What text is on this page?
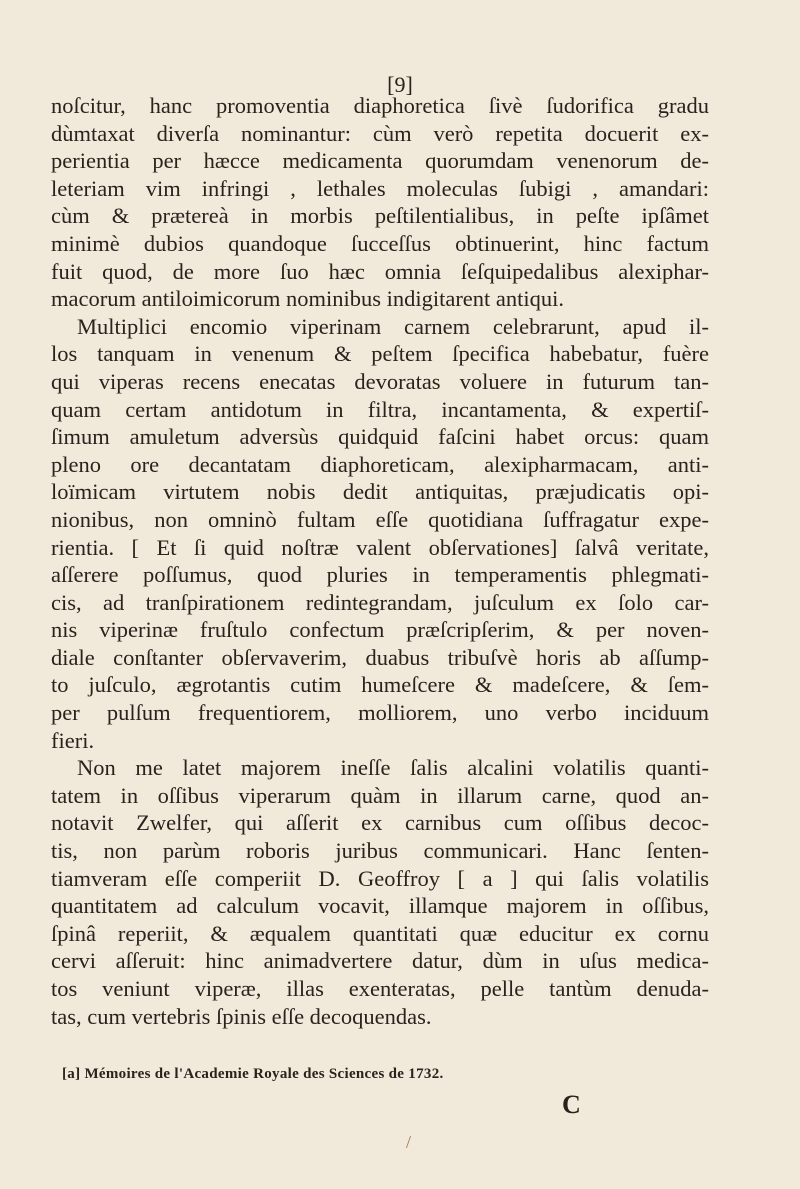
[9]
noſcitur, hanc promoventia diaphoretica ſivè ſudorifica gradu
dùmtaxat diverſa nominantur: cùm verò repetita docuerit ex-
perientia per hæcce medicamenta quorumdam venenorum de-
leteriam vim infringi , lethales moleculas ſubigi , amandari:
cùm & prætereà in morbis peſtilentialibus, in peſte ipſâmet
minimè dubios quandoque ſucceſſus obtinuerint, hinc factum
fuit quod, de more ſuo hæc omnia ſeſquipedalibus alexiphar-
macorum antiloimicorum nominibus indigitarent antiqui.
Multiplici encomio viperinam carnem celebrarunt, apud il-
los tanquam in venenum & peſtem ſpecifica habebatur, fuère
qui viperas recens enecatas devoratas voluere in futurum tan-
quam certam antidotum in filtra, incantamenta, & expertiſ-
ſimum amuletum adversùs quidquid faſcini habet orcus: quam
pleno ore decantatam diaphoreticam, alexipharmacam, anti-
loïmicam virtutem nobis dedit antiquitas, præjudicatis opi-
nionibus, non omninò fultam eſſe quotidiana ſuffragatur expe-
rientia. [ Et ſi quid noſtræ valent obſervationes] ſalvâ veritate,
aſſerere poſſumus, quod pluries in temperamentis phlegmati-
cis, ad tranſpirationem redintegrandam, juſculum ex ſolo car-
nis viperinæ fruſtulo confectum præſcripſerim, & per noven-
diale conſtanter obſervaverim, duabus tribuſvè horis ab aſſump-
to juſculo, ægrotantis cutim humeſcere & madeſcere, & ſem-
per pulſum frequentiorem, molliorem, uno verbo inciduum
fieri.
Non me latet majorem ineſſe ſalis alcalini volatilis quanti-
tatem in oſſibus viperarum quàm in illarum carne, quod an-
notavit Zwelfer, qui aſſerit ex carnibus cum oſſibus decoc-
tis, non parùm roboris juribus communicari. Hanc ſenten-
tiamveram eſſe comperiit D. Geoffroy [ a ] qui ſalis volatilis
quantitatem ad calculum vocavit, illamque majorem in oſſibus,
ſpinâ reperiit, & æqualem quantitati quæ educitur ex cornu
cervi aſſeruit: hinc animadvertere datur, dùm in uſus medica-
tos veniunt viperæ, illas exenteratas, pelle tantùm denuda-
tas, cum vertebris ſpinis eſſe decoquendas.
[a] Mémoires de l'Academie Royale des Sciences de 1732.
C
/
